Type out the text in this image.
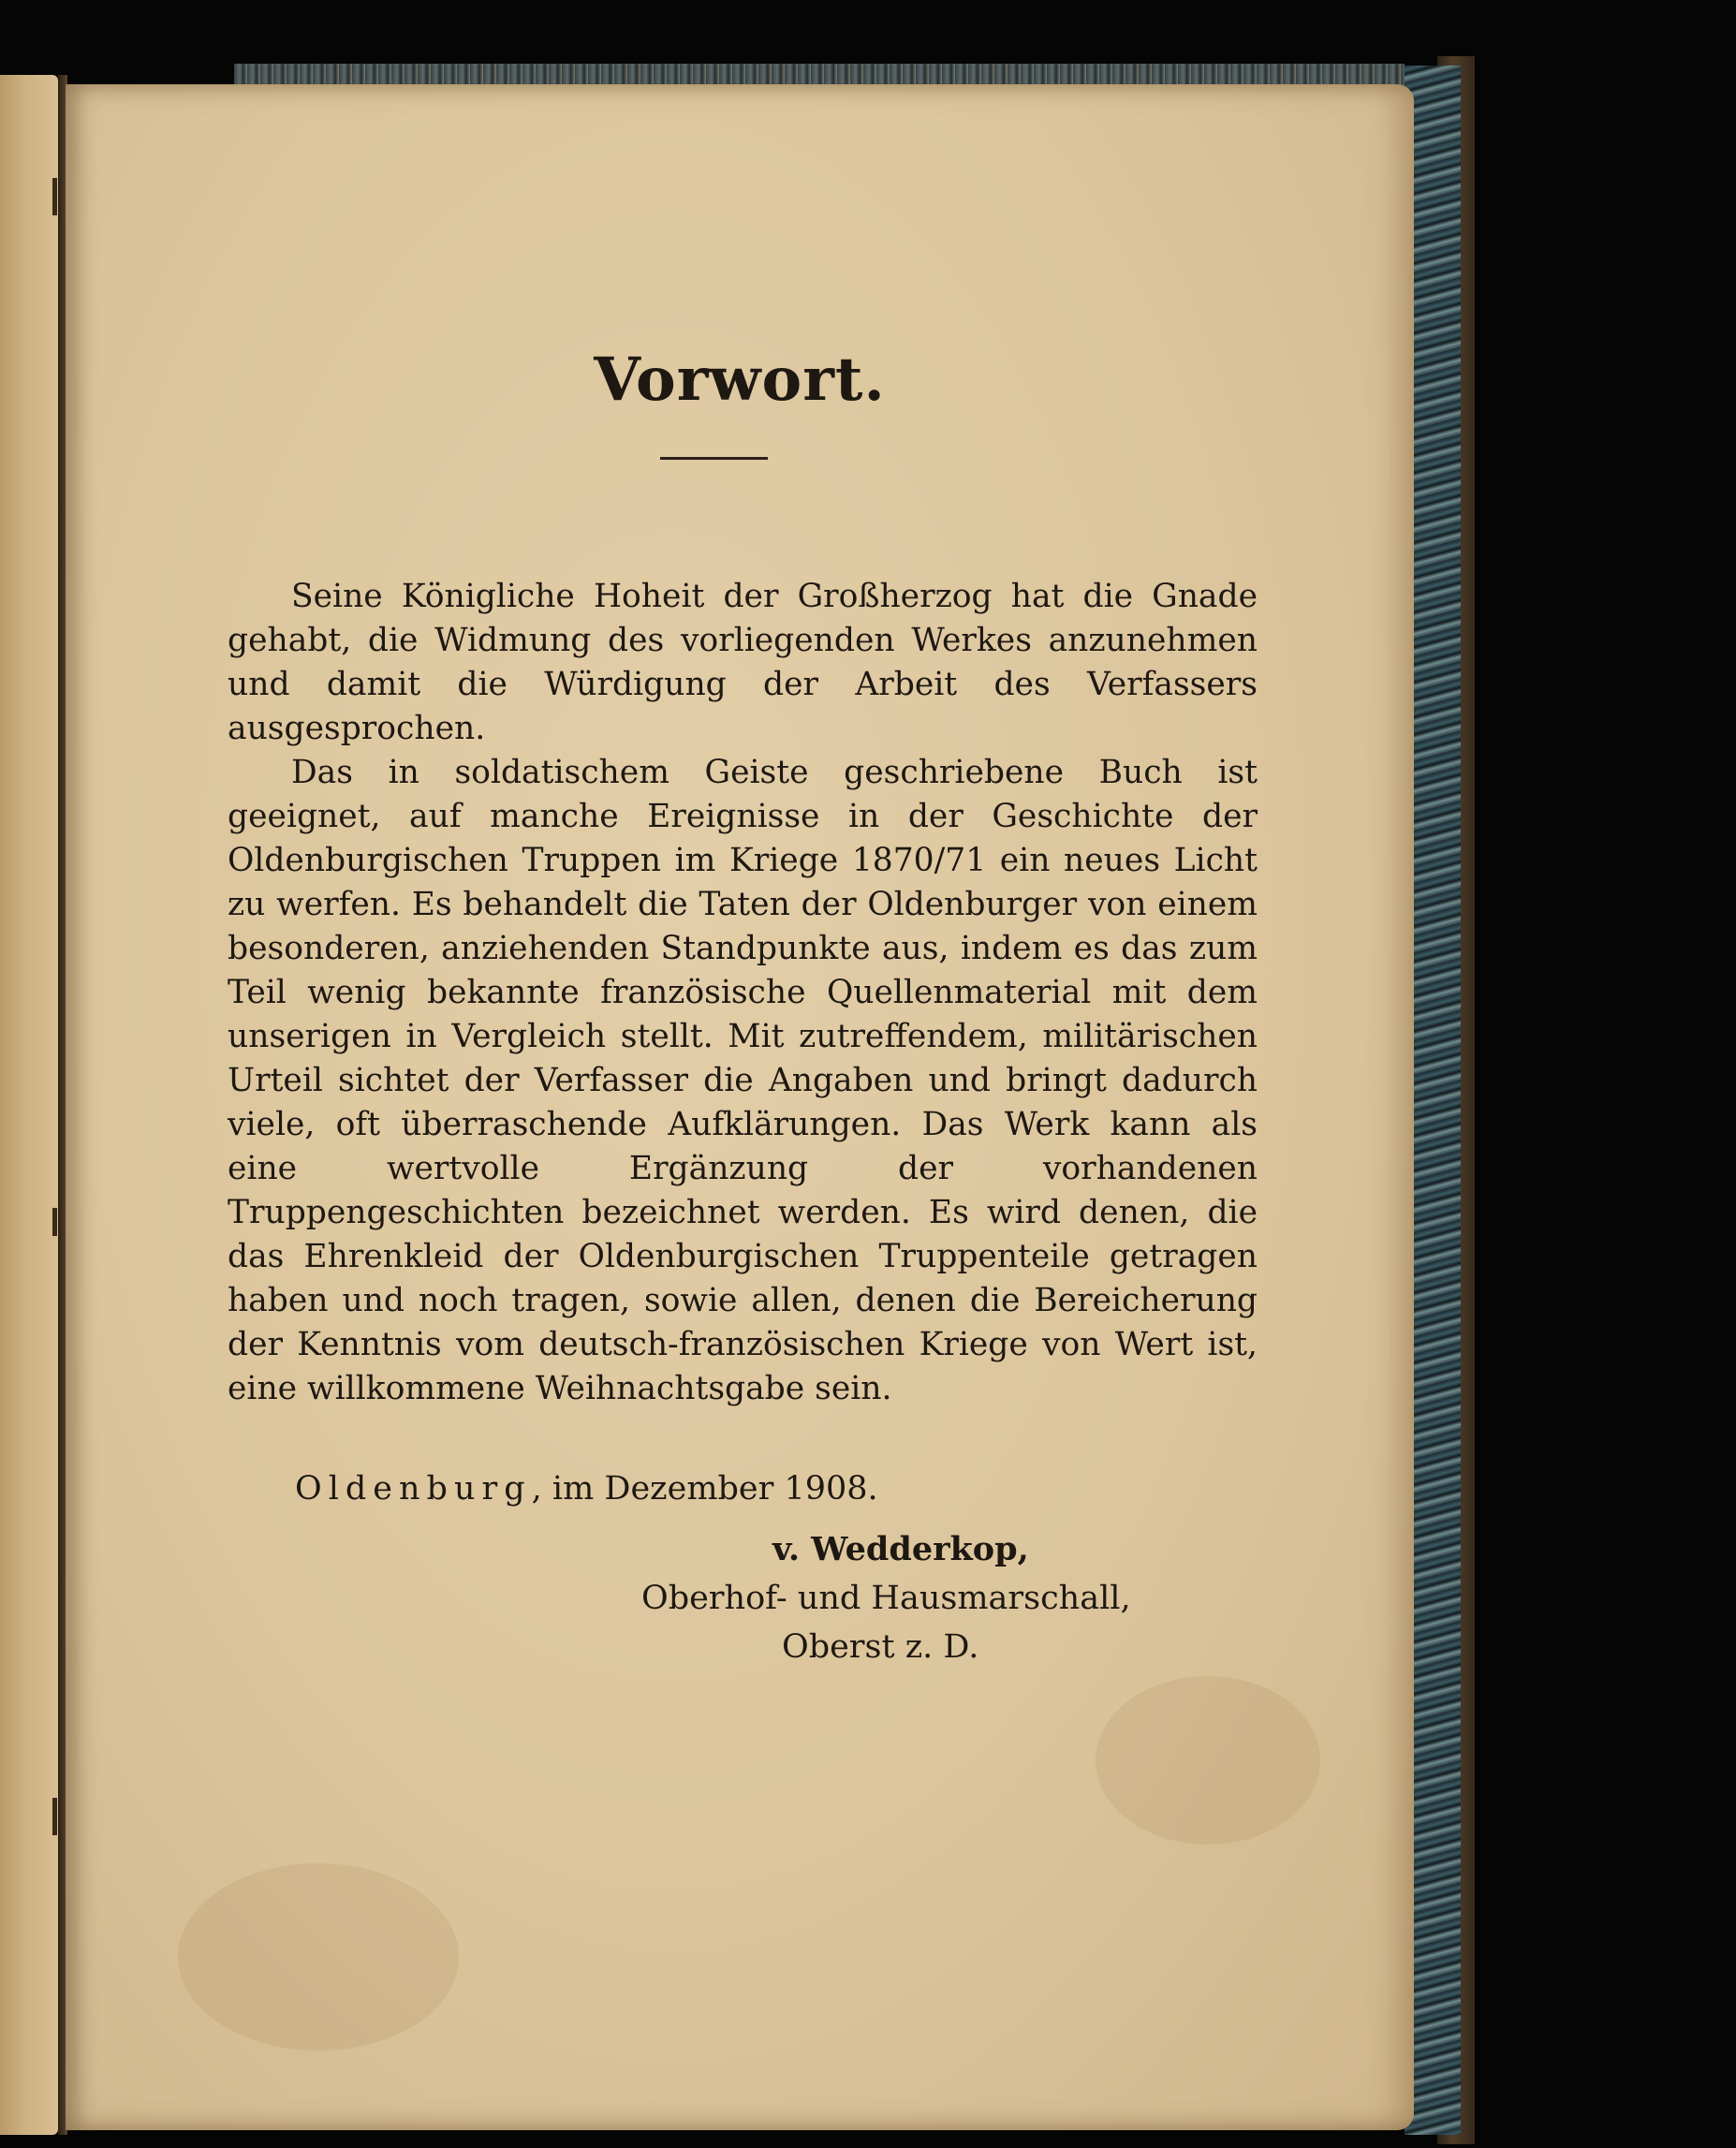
Vorwort.

Seine Königliche Hoheit der Großherzog hat die Gnade gehabt, die Widmung des vorliegenden Werkes anzunehmen und damit die Würdigung der Arbeit des Verfassers ausgesprochen.

Das in soldatischem Geiste geschriebene Buch ist geeignet, auf manche Ereignisse in der Geschichte der Oldenburgischen Truppen im Kriege 1870/71 ein neues Licht zu werfen. Es behandelt die Taten der Oldenburger von einem besonderen, anziehenden Standpunkte aus, indem es das zum Teil wenig bekannte französische Quellenmaterial mit dem unserigen in Vergleich stellt. Mit zutreffendem, militärischen Urteil sichtet der Verfasser die Angaben und bringt dadurch viele, oft überraschende Aufklärungen. Das Werk kann als eine wertvolle Ergänzung der vorhandenen Truppengeschichten bezeichnet werden. Es wird denen, die das Ehrenkleid der Oldenburgischen Truppenteile getragen haben und noch tragen, sowie allen, denen die Bereicherung der Kenntnis vom deutsch-französischen Kriege von Wert ist, eine willkommene Weihnachtsgabe sein.

Oldenburg, im Dezember 1908.

v. Wedderkop,
Oberhof- und Hausmarschall,
Oberst z. D.
